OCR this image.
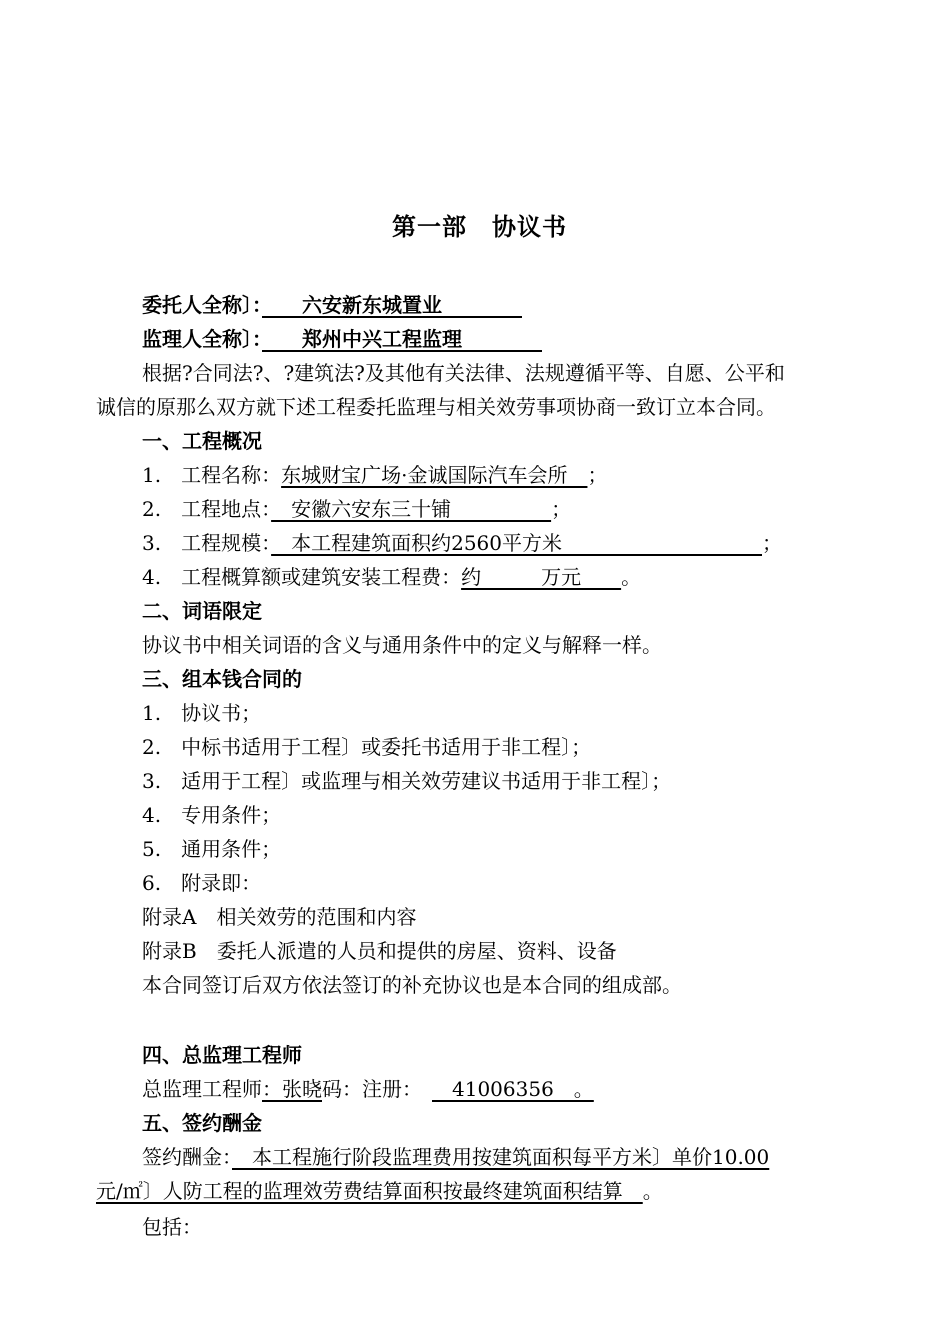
第一部　协议书
委托人全称〕：　　六安新东城置业　　　　
监理人全称〕：　　郑州中兴工程监理　　　　
根据?合同法?、?建筑法?及其他有关法律、法规遵循平等、自愿、公平和
诚信的原那么双方就下述工程委托监理与相关效劳事项协商一致订立本合同。
一、工程概况
1.　工程名称：东城财宝广场·金诚国际汽车会所　；
2.　工程地点：　安徽六安东三十铺　　　　　；
3.　工程规模：　本工程建筑面积约2560平方米　　　　　　　　　　；
4.　工程概算额或建筑安装工程费：约　　　万元　　。
二、词语限定
协议书中相关词语的含义与通用条件中的定义与解释一样。
三、组本钱合同的
1.　协议书；
2.　中标书适用于工程〕或委托书适用于非工程〕；
3.　适用于工程〕或监理与相关效劳建议书适用于非工程〕；
4.　专用条件；
5.　通用条件；
6.　附录即：
附录A　相关效劳的范围和内容
附录B　委托人派遣的人员和提供的房屋、资料、设备
本合同签订后双方依法签订的补充协议也是本合同的组成部。
四、总监理工程师
总监理工程师：张晓码：注册：　　41006356　。
五、签约酬金
签约酬金：　本工程施行阶段监理费用按建筑面积每平方米〕单价10.00
元/㎡〕人防工程的监理效劳费结算面积按最终建筑面积结算　。
包括：
